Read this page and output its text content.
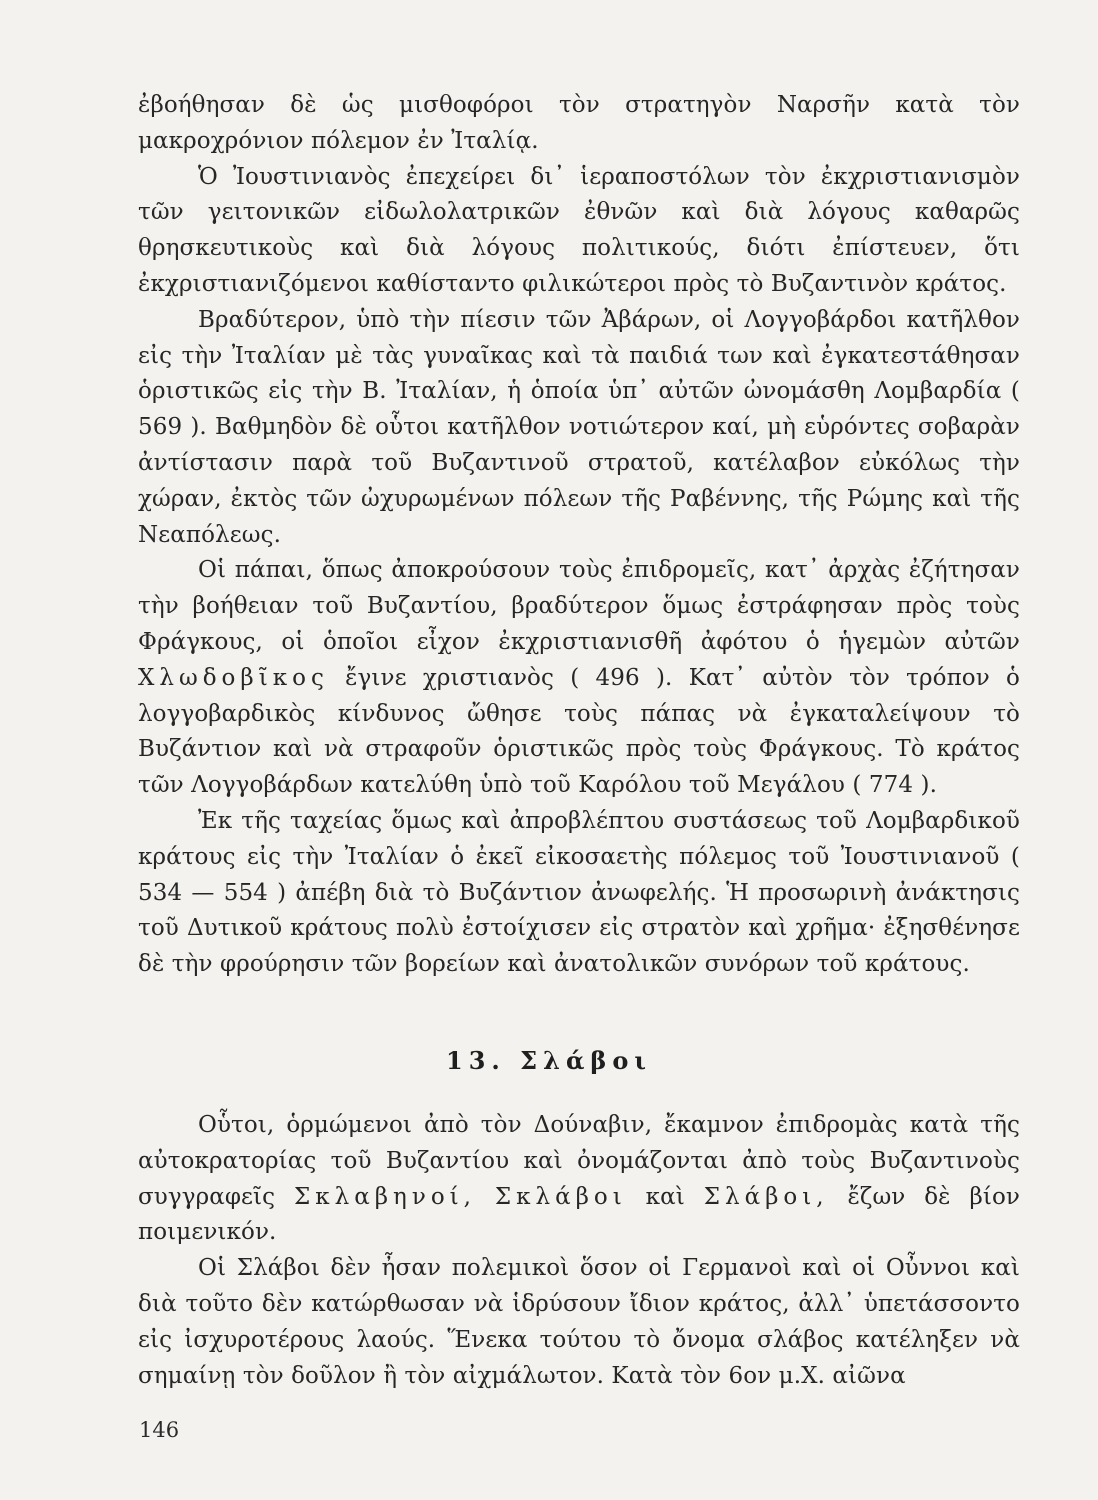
ἐβοήθησαν δὲ ὡς μισθοφόροι τὸν στρατηγὸν Ναρσῆν κατὰ τὸν μακροχρόνιον πόλεμον ἐν Ἰταλίᾳ.

Ὁ Ἰουστινιανὸς ἐπεχείρει δι᾽ ἱεραποστόλων τὸν ἐκχριστιανισμὸν τῶν γειτονικῶν εἰδωλολατρικῶν ἐθνῶν καὶ διὰ λόγους καθαρῶς θρησκευτικοὺς καὶ διὰ λόγους πολιτικούς, διότι ἐπίστευεν, ὅτι ἐκχριστιανιζόμενοι καθίσταντο φιλικώτεροι πρὸς τὸ Βυζαντινὸν κράτος.

Βραδύτερον, ὑπὸ τὴν πίεσιν τῶν Ἀβάρων, οἱ Λογγοβάρδοι κατῆλθον εἰς τὴν Ἰταλίαν μὲ τὰς γυναῖκας καὶ τὰ παιδιά των καὶ ἐγκατεστάθησαν ὁριστικῶς εἰς τὴν Β. Ἰταλίαν, ἡ ὁποία ὑπ᾽ αὐτῶν ὠνομάσθη Λομβαρδία ( 569 ). Βαθμηδὸν δὲ οὗτοι κατῆλθον νοτιώτερον καί, μὴ εὑρόντες σοβαρὰν ἀντίστασιν παρὰ τοῦ Βυζαντινοῦ στρατοῦ, κατέλαβον εὐκόλως τὴν χώραν, ἐκτὸς τῶν ὠχυρωμένων πόλεων τῆς Ραβέννης, τῆς Ρώμης καὶ τῆς Νεαπόλεως.

Οἱ πάπαι, ὅπως ἀποκρούσουν τοὺς ἐπιδρομεῖς, κατ᾽ ἀρχὰς ἐζήτησαν τὴν βοήθειαν τοῦ Βυζαντίου, βραδύτερον ὅμως ἐστράφησαν πρὸς τοὺς Φράγκους, οἱ ὁποῖοι εἶχον ἐκχριστιανισθῆ ἀφότου ὁ ἡγεμὼν αὐτῶν Χλωδοβῖκος ἔγινε χριστιανὸς ( 496 ). Κατ᾽ αὐτὸν τὸν τρόπον ὁ λογγοβαρδικὸς κίνδυνος ὤθησε τοὺς πάπας νὰ ἐγκαταλείψουν τὸ Βυζάντιον καὶ νὰ στραφοῦν ὁριστικῶς πρὸς τοὺς Φράγκους. Τὸ κράτος τῶν Λογγοβάρδων κατελύθη ὑπὸ τοῦ Καρόλου τοῦ Μεγάλου ( 774 ).

Ἐκ τῆς ταχείας ὅμως καὶ ἀπροβλέπτου συστάσεως τοῦ Λομβαρδικοῦ κράτους εἰς τὴν Ἰταλίαν ὁ ἐκεῖ εἰκοσαετὴς πόλεμος τοῦ Ἰουστινιανοῦ ( 534 — 554 ) ἀπέβη διὰ τὸ Βυζάντιον ἀνωφελής. Ἡ προσωρινὴ ἀνάκτησις τοῦ Δυτικοῦ κράτους πολὺ ἐστοίχισεν εἰς στρατὸν καὶ χρῆμα· ἐξησθένησε δὲ τὴν φρούρησιν τῶν βορείων καὶ ἀνατολικῶν συνόρων τοῦ κράτους.

13. Σλάβοι

Οὗτοι, ὁρμώμενοι ἀπὸ τὸν Δούναβιν, ἔκαμνον ἐπιδρομὰς κατὰ τῆς αὐτοκρατορίας τοῦ Βυζαντίου καὶ ὀνομάζονται ἀπὸ τοὺς Βυζαντινοὺς συγγραφεῖς Σκλαβηνοί, Σκλάβοι καὶ Σλάβοι, ἔζων δὲ βίον ποιμενικόν.

Οἱ Σλάβοι δὲν ἦσαν πολεμικοὶ ὅσον οἱ Γερμανοὶ καὶ οἱ Οὖννοι καὶ διὰ τοῦτο δὲν κατώρθωσαν νὰ ἱδρύσουν ἴδιον κράτος, ἀλλ᾽ ὑπετάσσοντο εἰς ἰσχυροτέρους λαούς. Ἕνεκα τούτου τὸ ὄνομα σλάβος κατέληξεν νὰ σημαίνῃ τὸν δοῦλον ἢ τὸν αἰχμάλωτον. Κατὰ τὸν 6ον μ.Χ. αἰῶνα

146
